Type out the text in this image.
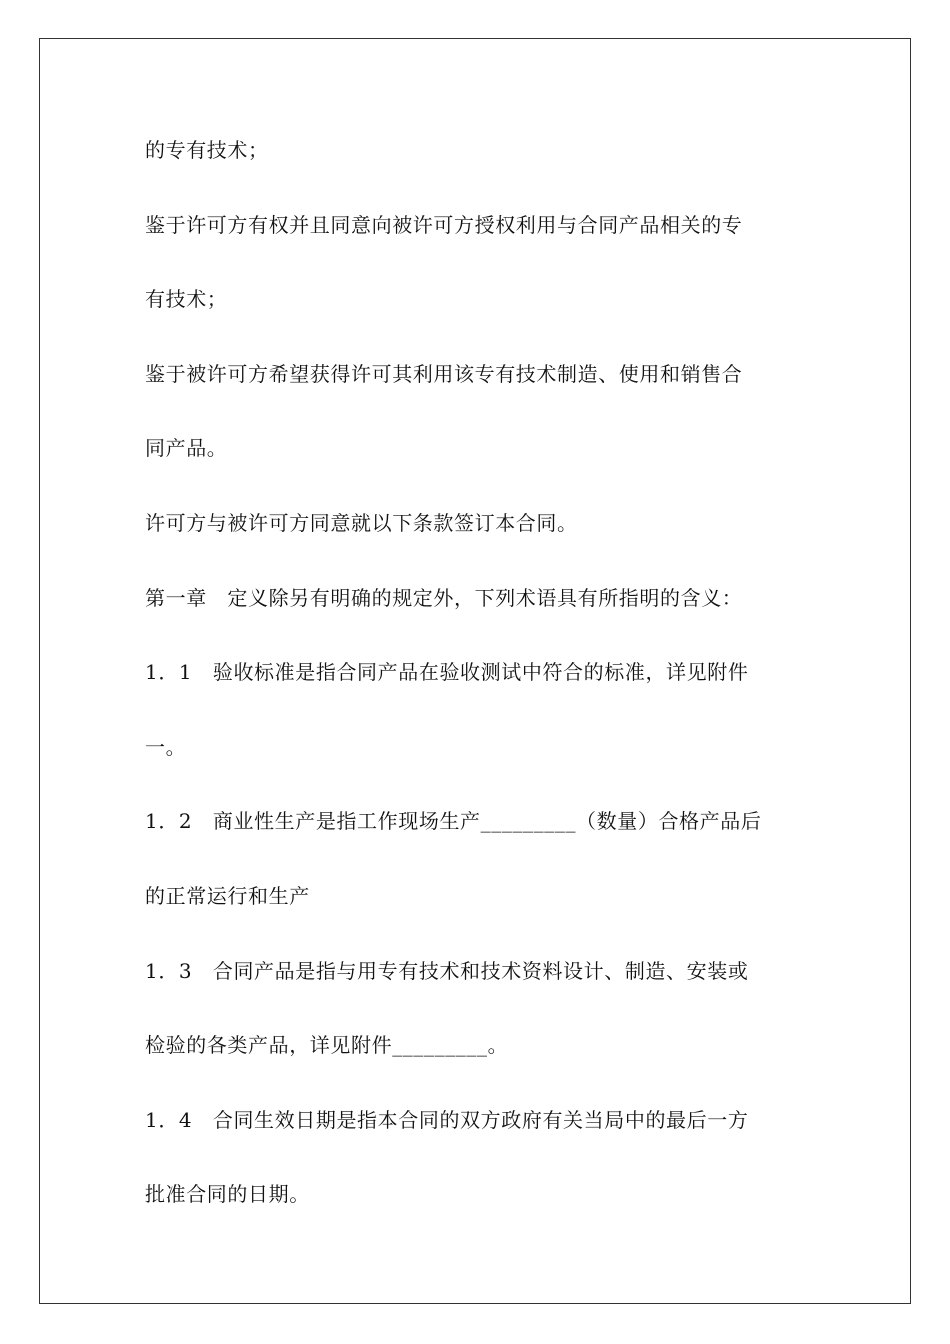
的专有技术；
鉴于许可方有权并且同意向被许可方授权利用与合同产品相关的专
有技术；
鉴于被许可方希望获得许可其利用该专有技术制造、使用和销售合
同产品。
许可方与被许可方同意就以下条款签订本合同。
第一章　定义除另有明确的规定外，下列术语具有所指明的含义：
1．1　验收标准是指合同产品在验收测试中符合的标准，详见附件
一。
1．2　商业性生产是指工作现场生产_________（数量）合格产品后
的正常运行和生产
1．3　合同产品是指与用专有技术和技术资料设计、制造、安装或
检验的各类产品，详见附件_________。
1．4　合同生效日期是指本合同的双方政府有关当局中的最后一方
批准合同的日期。
